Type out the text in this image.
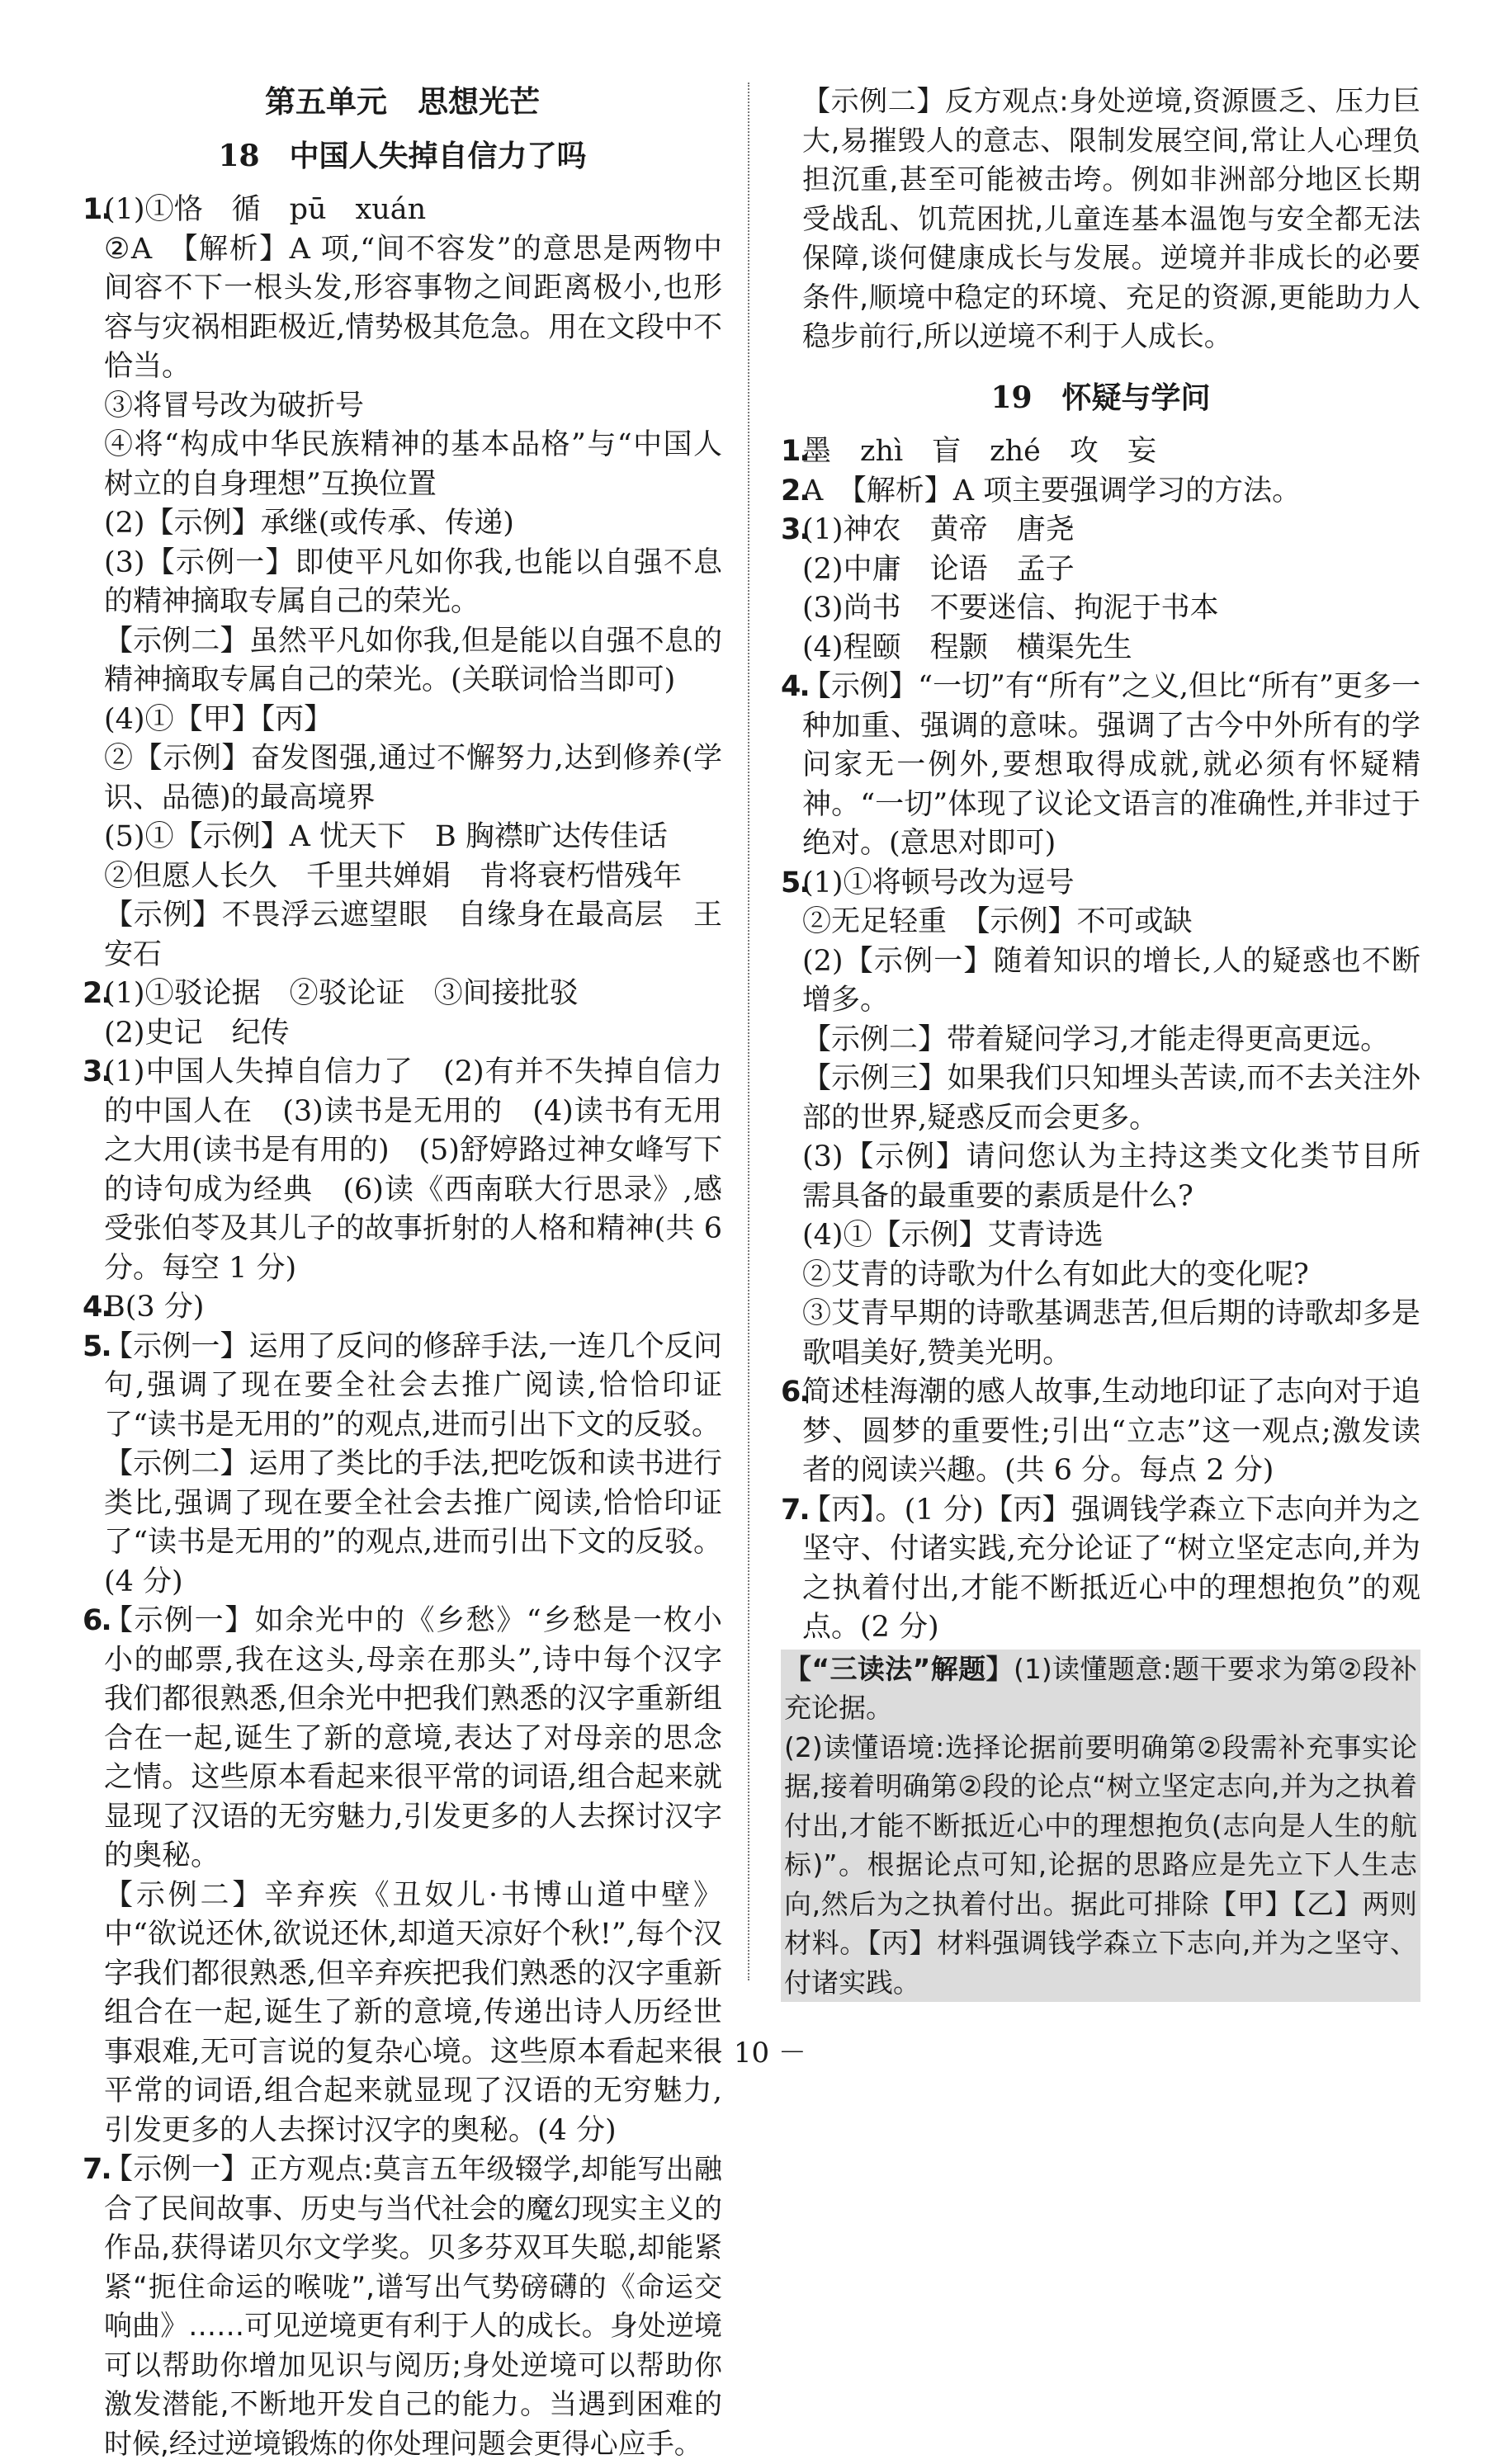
第五单元　思想光芒
18　中国人失掉自信力了吗
1.

(1)①恪　循　pū　xuán

②A　【解析】A 项,“间不容发”的意思是两物中间容不下一根头发,形容事物之间距离极小,也形容与灾祸相距极近,情势极其危急。用在文段中不恰当。

③将冒号改为破折号

④将“构成中华民族精神的基本品格”与“中国人树立的自身理想”互换位置

(2)【示例】承继(或传承、传递)

(3)【示例一】即使平凡如你我,也能以自强不息的精神摘取专属自己的荣光。

【示例二】虽然平凡如你我,但是能以自强不息的精神摘取专属自己的荣光。(关联词恰当即可)

(4)①【甲】【丙】

②【示例】奋发图强,通过不懈努力,达到修养(学识、品德)的最高境界

(5)①【示例】A 忧天下　B 胸襟旷达传佳话

②但愿人长久　千里共婵娟　肯将衰朽惜残年

【示例】不畏浮云遮望眼　自缘身在最高层　王安石

2.

(1)①驳论据　②驳论证　③间接批驳

(2)史记　纪传

3.

(1)中国人失掉自信力了　(2)有并不失掉自信力的中国人在　(3)读书是无用的　(4)读书有无用之大用(读书是有用的)　(5)舒婷路过神女峰写下的诗句成为经典　(6)读《西南联大行思录》,感受张伯苓及其儿子的故事折射的人格和精神(共 6 分。每空 1 分)

4.

B(3 分)

5.

【示例一】运用了反问的修辞手法,一连几个反问句,强调了现在要全社会去推广阅读,恰恰印证了“读书是无用的”的观点,进而引出下文的反驳。

【示例二】运用了类比的手法,把吃饭和读书进行类比,强调了现在要全社会去推广阅读,恰恰印证了“读书是无用的”的观点,进而引出下文的反驳。(4 分)

6.

【示例一】如余光中的《乡愁》“乡愁是一枚小小的邮票,我在这头,母亲在那头”,诗中每个汉字我们都很熟悉,但余光中把我们熟悉的汉字重新组合在一起,诞生了新的意境,表达了对母亲的思念之情。这些原本看起来很平常的词语,组合起来就显现了汉语的无穷魅力,引发更多的人去探讨汉字的奥秘。

【示例二】辛弃疾《丑奴儿·书博山道中壁》中“欲说还休,欲说还休,却道天凉好个秋!”,每个汉字我们都很熟悉,但辛弃疾把我们熟悉的汉字重新组合在一起,诞生了新的意境,传递出诗人历经世事艰难,无可言说的复杂心境。这些原本看起来很平常的词语,组合起来就显现了汉语的无穷魅力,引发更多的人去探讨汉字的奥秘。(4 分)

7.

【示例一】正方观点:莫言五年级辍学,却能写出融合了民间故事、历史与当代社会的魔幻现实主义的作品,获得诺贝尔文学奖。贝多芬双耳失聪,却能紧紧“扼住命运的喉咙”,谱写出气势磅礴的《命运交响曲》……可见逆境更有利于人的成长。身处逆境可以帮助你增加见识与阅历;身处逆境可以帮助你激发潜能,不断地开发自己的能力。当遇到困难的时候,经过逆境锻炼的你处理问题会更得心应手。

【示例二】反方观点:身处逆境,资源匮乏、压力巨大,易摧毁人的意志、限制发展空间,常让人心理负担沉重,甚至可能被击垮。例如非洲部分地区长期受战乱、饥荒困扰,儿童连基本温饱与安全都无法保障,谈何健康成长与发展。逆境并非成长的必要条件,顺境中稳定的环境、充足的资源,更能助力人稳步前行,所以逆境不利于人成长。

19　怀疑与学问
1.

墨　zhì　盲　zhé　攻　妄

2.

A　【解析】A 项主要强调学习的方法。

3.

(1)神农　黄帝　唐尧

(2)中庸　论语　孟子

(3)尚书　不要迷信、拘泥于书本

(4)程颐　程颢　横渠先生

4.

【示例】“一切”有“所有”之义,但比“所有”更多一种加重、强调的意味。强调了古今中外所有的学问家无一例外,要想取得成就,就必须有怀疑精神。“一切”体现了议论文语言的准确性,并非过于绝对。(意思对即可)

5.

(1)①将顿号改为逗号

②无足轻重　【示例】不可或缺

(2)【示例一】随着知识的增长,人的疑惑也不断增多。

【示例二】带着疑问学习,才能走得更高更远。

【示例三】如果我们只知埋头苦读,而不去关注外部的世界,疑惑反而会更多。

(3)【示例】请问您认为主持这类文化类节目所需具备的最重要的素质是什么?

(4)①【示例】艾青诗选

②艾青的诗歌为什么有如此大的变化呢?

③艾青早期的诗歌基调悲苦,但后期的诗歌却多是歌唱美好,赞美光明。

6.

简述桂海潮的感人故事,生动地印证了志向对于追梦、圆梦的重要性;引出“立志”这一观点;激发读者的阅读兴趣。(共 6 分。每点 2 分)

7.

【丙】。(1 分)【丙】强调钱学森立下志向并为之坚守、付诸实践,充分论证了“树立坚定志向,并为之执着付出,才能不断抵近心中的理想抱负”的观点。(2 分)

【“三读法”解题】(1)读懂题意:题干要求为第②段补充论据。

(2)读懂语境:选择论据前要明确第②段需补充事实论据,接着明确第②段的论点“树立坚定志向,并为之执着付出,才能不断抵近心中的理想抱负(志向是人生的航标)”。根据论点可知,论据的思路应是先立下人生志向,然后为之执着付出。据此可排除【甲】【乙】两则材料。【丙】材料强调钱学森立下志向,并为之坚守、付诸实践。

－ 10 －
